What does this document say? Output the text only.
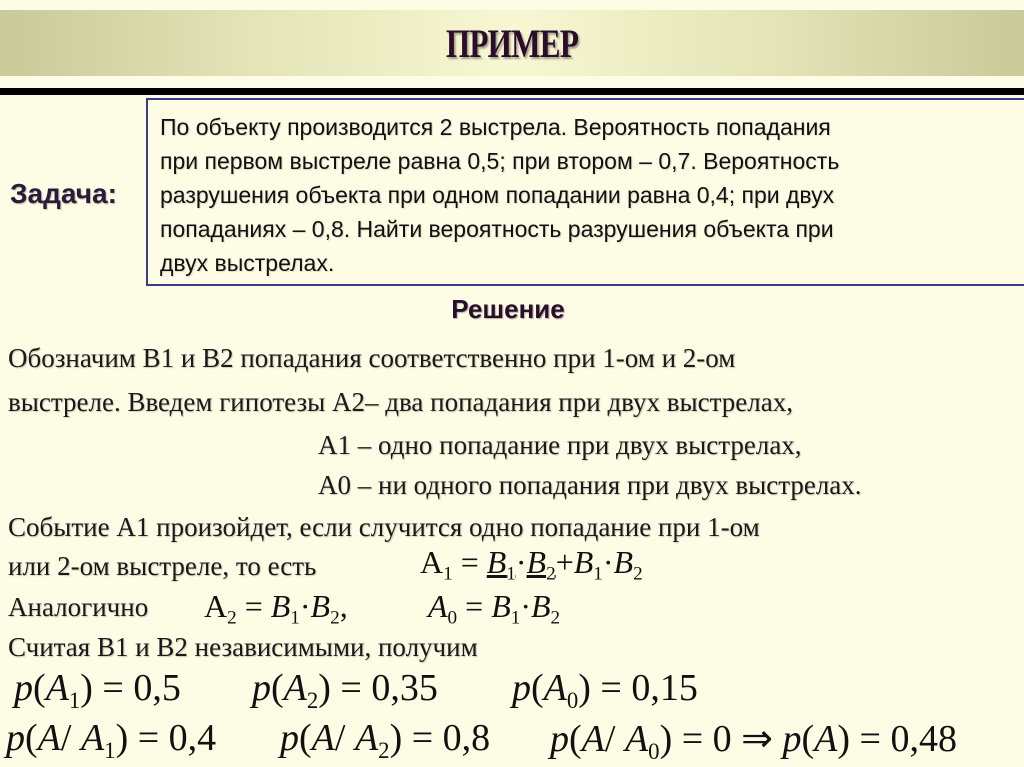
ПРИМЕР
Задача:
По объекту производится 2 выстрела. Вероятность попадания
при первом выстреле равна 0,5; при втором – 0,7. Вероятность
разрушения объекта при одном попадании равна 0,4; при двух
попаданиях – 0,8. Найти вероятность разрушения объекта при
двух выстрелах.
Решение
Обозначим B1 и B2 попадания соответственно при 1-ом и 2-ом
выстреле. Введем гипотезы А2– два попадания при двух выстрелах,
А1 – одно попадание при двух выстрелах,
А0 – ни одного попадания при двух выстрелах.
Событие А1 произойдет, если случится одно попадание при 1-ом
или 2-ом выстреле, то есть	$A_1 = B_1\cdot B_2+B_1\cdot B_2$
Аналогично $A_2 = B_1\cdot B_2$,	$A_0 = B_1\cdot B_2$
Считая B1 и B2 независимыми, получим
$p(A_1) = 0,5$ $p(A_2) = 0,35$ $p(A_0) = 0,15$
p(A/ $A_1) = 0,4$ p(A/ $A_2) = 0,8$ p(A/ $A_0) = 0$ ⇒ p(A) = 0,48
